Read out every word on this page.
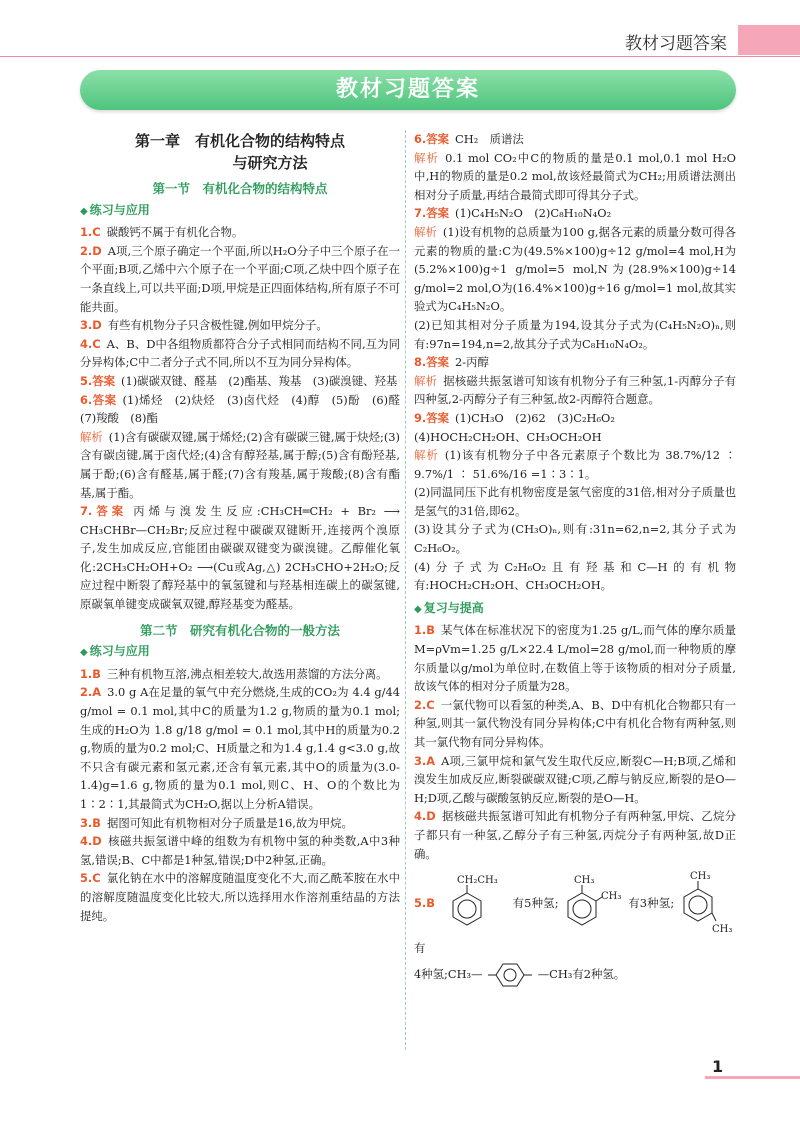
教材习题答案
教材习题答案
第一章　有机化合物的结构特点
与研究方法
第一节　有机化合物的结构特点
◆ 练习与应用
1.C 碳酸钙不属于有机化合物。
2.D A项,三个原子确定一个平面,所以H₂O分子中三个原子在一个平面;B项,乙烯中六个原子在一个平面;C项,乙炔中四个原子在一条直线上,可以共平面;D项,甲烷是正四面体结构,所有原子不可能共面。
3.D 有些有机物分子只含极性键,例如甲烷分子。
4.C A、B、D中各组物质都符合分子式相同而结构不同,互为同分异构体;C中二者分子式不同,所以不互为同分异构体。
5.答案 (1)碳碳双键、醛基　(2)酯基、羧基　(3)碳溴键、羟基
6.答案 (1)烯烃　(2)炔烃　(3)卤代烃　(4)醇　(5)酚　(6)醛　(7)羧酸　(8)酯
解析 (1)含有碳碳双键,属于烯烃;(2)含有碳碳三键,属于炔烃;(3)含有碳卤键,属于卤代烃;(4)含有醇羟基,属于醇;(5)含有酚羟基,属于酚;(6)含有醛基,属于醛;(7)含有羧基,属于羧酸;(8)含有酯基,属于酯。
7.答案 丙烯与溴发生反应:CH₃CH═CH₂ + Br₂ ⟶ CH₃CHBr—CH₂Br;反应过程中碳碳双键断开,连接两个溴原子,发生加成反应,官能团由碳碳双键变为碳溴键。乙醇催化氧化:2CH₃CH₂OH+O₂ ⟶(Cu或Ag,△) 2CH₃CHO+2H₂O;反应过程中断裂了醇羟基中的氧氢键和与羟基相连碳上的碳氢键,原碳氧单键变成碳氧双键,醇羟基变为醛基。
第二节　研究有机化合物的一般方法
◆ 练习与应用
1.B 三种有机物互溶,沸点相差较大,故选用蒸馏的方法分离。
2.A 3.0 g A在足量的氧气中充分燃烧,生成的CO₂为 4.4 g/44 g/mol = 0.1 mol,其中C的质量为1.2 g,物质的量为0.1 mol;生成的H₂O为 1.8 g/18 g/mol = 0.1 mol,其中H的质量为0.2 g,物质的量为0.2 mol;C、H质量之和为1.4 g,1.4 g<3.0 g,故不只含有碳元素和氢元素,还含有氧元素,其中O的质量为(3.0-1.4)g=1.6 g,物质的量为0.1 mol,则C、H、O的个数比为1∶2∶1,其最简式为CH₂O,据以上分析A错误。
3.B 据图可知此有机物相对分子质量是16,故为甲烷。
4.D 核磁共振氢谱中峰的组数为有机物中氢的种类数,A中3种氢,错误;B、C中都是1种氢,错误;D中2种氢,正确。
5.C 氯化钠在水中的溶解度随温度变化不大,而乙酰苯胺在水中的溶解度随温度变化比较大,所以选择用水作溶剂重结晶的方法提纯。
6.答案 CH₂　质谱法
解析 0.1 mol CO₂中C的物质的量是0.1 mol,0.1 mol H₂O中,H的物质的量是0.2 mol,故该烃最简式为CH₂;用质谱法测出相对分子质量,再结合最简式即可得其分子式。
7.答案 (1)C₄H₅N₂O　(2)C₈H₁₀N₄O₂
解析 (1)设有机物的总质量为100 g,据各元素的质量分数可得各元素的物质的量:C为(49.5%×100)g÷12 g/mol=4 mol,H为(5.2%×100)g÷1 g/mol=5 mol,N为(28.9%×100)g÷14 g/mol=2 mol,O为(16.4%×100)g÷16 g/mol=1 mol,故其实验式为C₄H₅N₂O。
(2)已知其相对分子质量为194,设其分子式为(C₄H₅N₂O)ₙ,则有:97n=194,n=2,故其分子式为C₈H₁₀N₄O₂。
8.答案 2-丙醇
解析 据核磁共振氢谱可知该有机物分子有三种氢,1-丙醇分子有四种氢,2-丙醇分子有三种氢,故2-丙醇符合题意。
9.答案 (1)CH₃O　(2)62　(3)C₂H₆O₂
(4)HOCH₂CH₂OH、CH₃OCH₂OH
解析 (1)该有机物分子中各元素原子个数比为 38.7%/12 ∶ 9.7%/1 ∶ 51.6%/16 =1∶3∶1。
(2)同温同压下此有机物密度是氢气密度的31倍,相对分子质量也是氢气的31倍,即62。
(3)设其分子式为(CH₃O)ₙ,则有:31n=62,n=2,其分子式为C₂H₆O₂。
(4)分子式为C₂H₆O₂且有羟基和C—H的有机物有:HOCH₂CH₂OH、CH₃OCH₂OH。
◆ 复习与提高
1.B 某气体在标准状况下的密度为1.25 g/L,而气体的摩尔质量M=ρVm=1.25 g/L×22.4 L/mol=28 g/mol,而一种物质的摩尔质量以g/mol为单位时,在数值上等于该物质的相对分子质量,故该气体的相对分子质量为28。
2.C 一氯代物可以看氢的种类,A、B、D中有机化合物都只有一种氢,则其一氯代物没有同分异构体;C中有机化合物有两种氢,则其一氯代物有同分异构体。
3.A A项,三氯甲烷和氯气发生取代反应,断裂C—H;B项,乙烯和溴发生加成反应,断裂碳碳双键;C项,乙醇与钠反应,断裂的是O—H;D项,乙酸与碳酸氢钠反应,断裂的是O—H。
4.D 据核磁共振氢谱可知此有机物分子有两种氢,甲烷、乙烷分子都只有一种氢,乙醇分子有三种氢,丙烷分子有两种氢,故D正确。
5.B
CH₂CH₃
有5种氢;
CH₃
CH₃ 有3种氢;
CH₃
CH₃
有
4种氢;CH₃—	—CH₃有2种氢。
1
